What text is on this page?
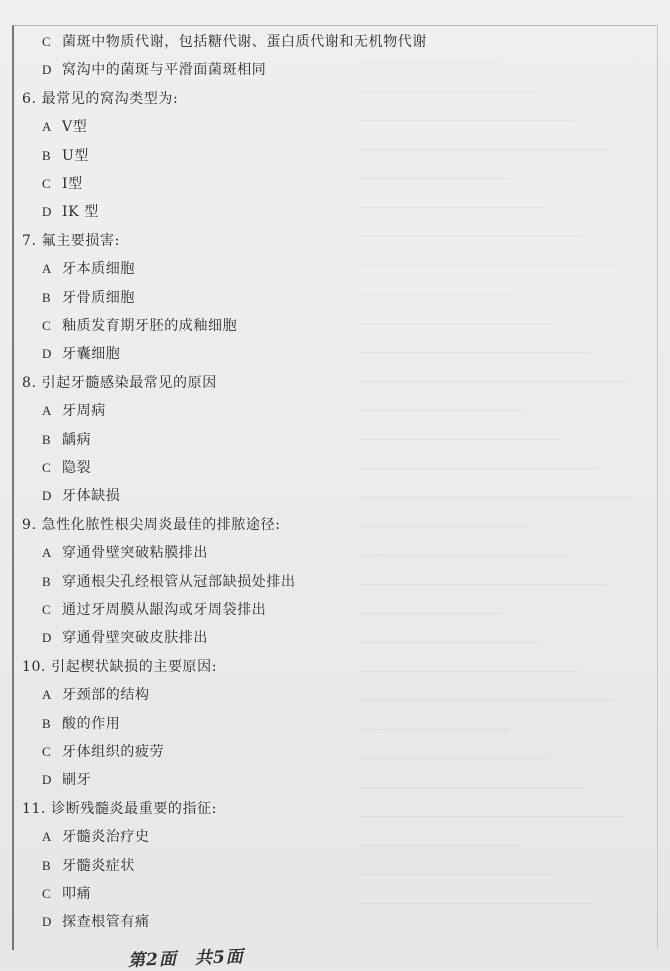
C 菌斑中物质代谢，包括糖代谢、蛋白质代谢和无机物代谢
D 窝沟中的菌斑与平滑面菌斑相同
6. 最常见的窝沟类型为:
A V型
B U型
C I型
D IK 型
7. 氟主要损害:
A 牙本质细胞
B 牙骨质细胞
C 釉质发育期牙胚的成釉细胞
D 牙囊细胞
8. 引起牙髓感染最常见的原因
A 牙周病
B 龋病
C 隐裂
D 牙体缺损
9. 急性化脓性根尖周炎最佳的排脓途径:
A 穿通骨壁突破粘膜排出
B 穿通根尖孔经根管从冠部缺损处排出
C 通过牙周膜从龈沟或牙周袋排出
D 穿通骨壁突破皮肤排出
10. 引起楔状缺损的主要原因:
A 牙颈部的结构
B 酸的作用
C 牙体组织的疲劳
D 刷牙
11. 诊断残髓炎最重要的指征:
A 牙髓炎治疗史
B 牙髓炎症状
C 叩痛
D 探查根管有痛
第2面 共5面
